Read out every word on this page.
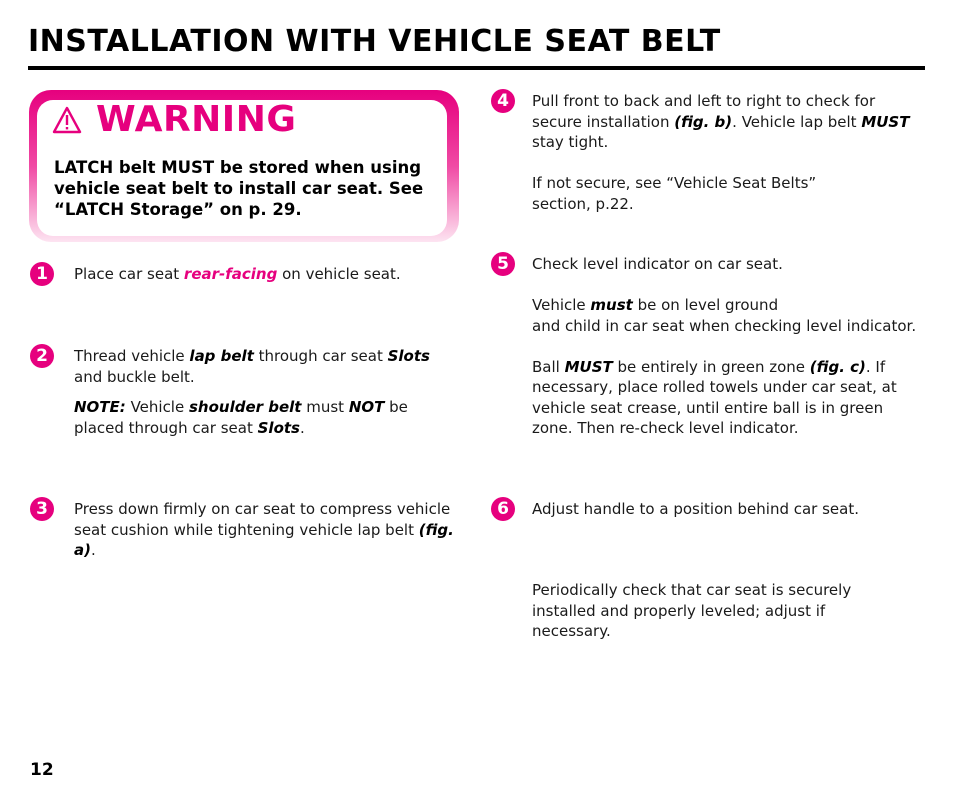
INSTALLATION WITH VEHICLE SEAT BELT
WARNING

LATCH belt MUST be stored when using vehicle seat belt to install car seat. See “LATCH Storage” on p. 29.

1	Place car seat rear-facing on vehicle seat.

2	Thread vehicle lap belt through car seat Slots and buckle belt.

NOTE: Vehicle shoulder belt must NOT be placed through car seat Slots.

3	Press down firmly on car seat to compress vehicle seat cushion while tightening vehicle lap belt (fig. a).

4	Pull front to back and left to right to check for secure installation (fig. b). Vehicle lap belt MUST stay tight.

If not secure, see “Vehicle Seat Belts”
section, p.22.

5	Check level indicator on car seat.

Vehicle must be on level ground
and child in car seat when checking level indicator.

Ball MUST be entirely in green zone (fig. c). If necessary, place rolled towels under car seat, at vehicle seat crease, until entire ball is in green zone. Then re-check level indicator.

6	Adjust handle to a position behind car seat.

Periodically check that car seat is securely installed and properly leveled; adjust if necessary.

12
